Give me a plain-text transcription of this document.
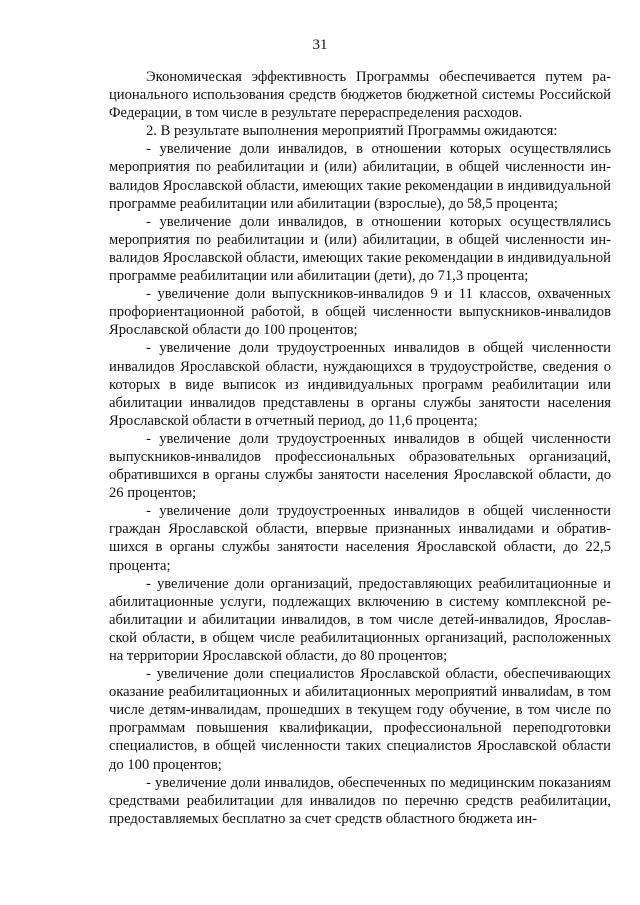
31

Экономическая эффективность Программы обеспечивается путем рационального использования средств бюджетов бюджетной системы Российской Федерации, в том числе в результате перераспределения расходов.

2. В результате выполнения мероприятий Программы ожидаются:

- увеличение доли инвалидов, в отношении которых осуществлялись мероприятия по реабилитации и (или) абилитации, в общей численности инвалидов Ярославской области, имеющих такие рекомендации в индивидуальной программе реабилитации или абилитации (взрослые), до 58,5 процента;

- увеличение доли инвалидов, в отношении которых осуществлялись мероприятия по реабилитации и (или) абилитации, в общей численности инвалидов Ярославской области, имеющих такие рекомендации в индивидуальной программе реабилитации или абилитации (дети), до 71,3 процента;

- увеличение доли выпускников-инвалидов 9 и 11 классов, охваченных профориентационной работой, в общей численности выпускников-инвалидов Ярославской области до 100 процентов;

- увеличение доли трудоустроенных инвалидов в общей численности инвалидов Ярославской области, нуждающихся в трудоустройстве, сведения о которых в виде выписок из индивидуальных программ реабилитации или абилитации инвалидов представлены в органы службы занятости населения Ярославской области в отчетный период, до 11,6 процента;

- увеличение доли трудоустроенных инвалидов в общей численности выпускников-инвалидов профессиональных образовательных организаций, обратившихся в органы службы занятости населения Ярославской области, до 26 процентов;

- увеличение доли трудоустроенных инвалидов в общей численности граждан Ярославской области, впервые признанных инвалидами и обратившихся в органы службы занятости населения Ярославской области, до 22,5 процента;

- увеличение доли организаций, предоставляющих реабилитационные и абилитационные услуги, подлежащих включению в систему комплексной реабилитации и абилитации инвалидов, в том числе детей-инвалидов, Ярославской области, в общем числе реабилитационных организаций, расположенных на территории Ярославской области, до 80 процентов;

- увеличение доли специалистов Ярославской области, обеспечивающих оказание реабилитационных и абилитационных мероприятий инвалиdам, в том числе детям-инвалидам, прошедших в текущем году обучение, в том числе по программам повышения квалификации, профессиональной переподготовки специалистов, в общей численности таких специалистов Ярославской области до 100 процентов;

- увеличение доли инвалидов, обеспеченных по медицинским показаниям средствами реабилитации для инвалидов по перечню средств реабилитации, предоставляемых бесплатно за счет средств областного бюджета ин-
